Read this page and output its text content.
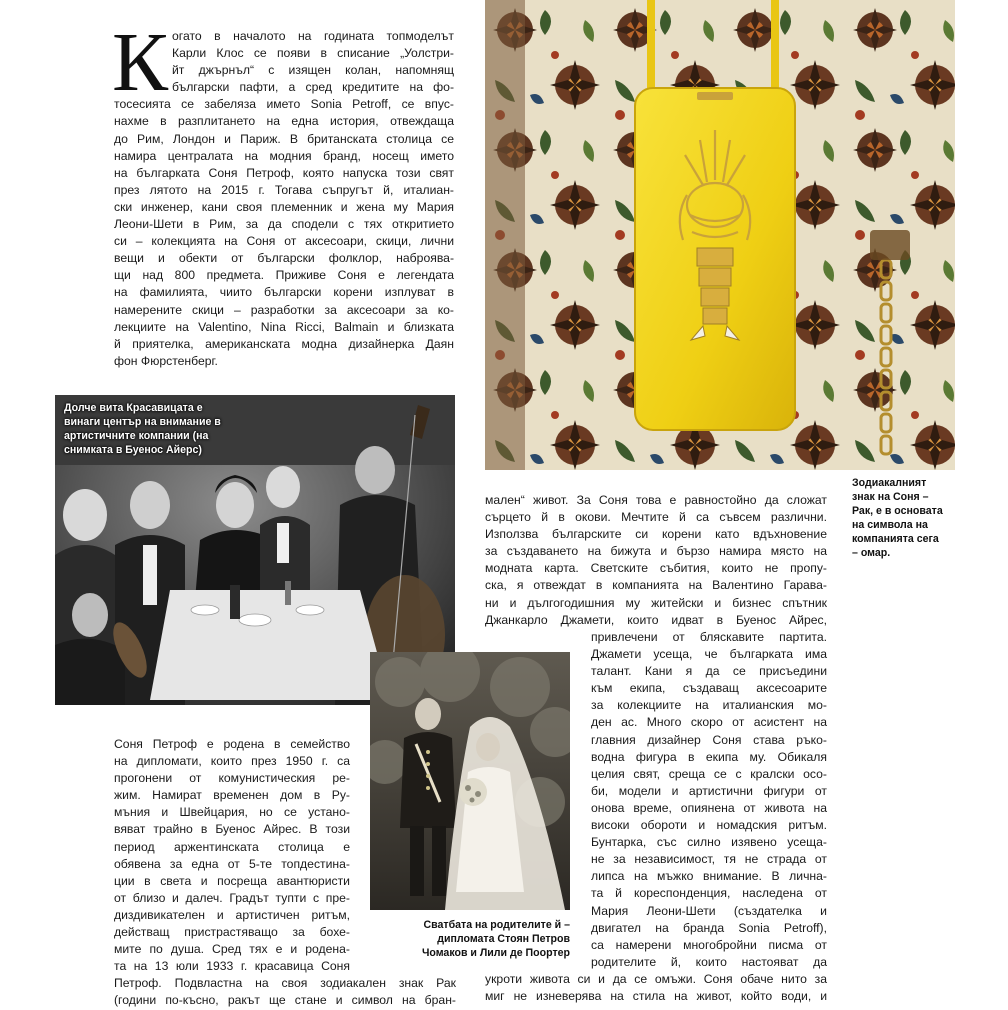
К огато в началото на годината топмоделът
Карли Клос се появи в списание „Уолстри-
йт джърнъл“ с изящен колан, напомнящ
български пафти, а сред кредитите на фо-
тосесията се забеляза името Sonia Petroff, се впус-
нахме в разплитането на една история, отвеждаща
до Рим, Лондон и Париж. В британската столица се
намира централата на модния бранд, носещ името
на българката Соня Петроф, която напуска този свят
през лятото на 2015 г. Тогава съпругът й, италиан-
ски инженер, кани своя племенник и жена му Мария
Леони-Шети в Рим, за да сподели с тях откритието
си – колекцията на Соня от аксесоари, скици, лични
вещи и обекти от български фолклор, наброява-
щи над 800 предмета. Приживе Соня е легендата
на фамилията, чиито български корени изплуват в
намерените скици – разработки за аксесоари за ко-
лекциите на Valentino, Nina Ricci, Balmain и близката
й приятелка, американската модна дизайнерка Даян
фон Фюрстенберг.
Зодиакалният
знак на Соня –
Рак, е в основата
на символа на
компанията сега
– омар.
Долче вита Красавицата е
винаги център на внимание в
артистичните компании (на
снимката в Буенос Айерс)
Сватбата на родителите й –
дипломата Стоян Петров
Чомаков и Лили де Поортер
Соня Петроф е родена в семейство
на дипломати, които през 1950 г. са
прогонени от комунистическия ре-
жим. Намират временен дом в Ру-
мъния и Швейцария, но се устано-
вяват трайно в Буенос Айрес. В този
период аржентинската столица е
обявена за една от 5-те топдестина-
ции в света и посреща авантюристи
от близо и далеч. Градът тупти с пре-
диздивикателен и артистичен ритъм,
действащ пристрастяващо за бохе-
мите по душа. Сред тях е и родена-
та на 13 юли 1933 г. красавица Соня
Петроф. Подвластна на своя зодиакален знак Рак
(години по-късно, ракът ще стане и символ на бран-
мален“ живот. За Соня това е равностойно да сложат
сърцето й в окови. Мечтите й са съвсем различни.
Използва българските си корени като вдъхновение
за създаването на бижута и бързо намира място на
модната карта. Светските събития, които не пропу-
ска, я отвеждат в компанията на Валентино Гарава-
ни и дългогодишния му житейски и бизнес спътник
Джанкарло Джамети, които идват в Буенос Айрес,
привлечени от бляскавите партита.
Джамети усеща, че българката има
талант. Кани я да се присъедини
към екипа, създаващ аксесоарите
за колекциите на италианския мо-
ден ас. Много скоро от асистент на
главния дизайнер Соня става ръко-
водна фигура в екипа му. Обикаля
целия свят, среща се с кралски осо-
би, модели и артистични фигури от
онова време, опиянена от живота на
високи обороти и номадския ритъм.
Бунтарка, със силно изявено усеща-
не за независимост, тя не страда от
липса на мъжко внимание. В личнa-
та й кореспонденция, наследена от
Мария Леони-Шети (създателка и
двигател на бранда Sonia Petroff),
са намерени многобройни писма от
родителите й, които настояват да
укроти живота си и да се омъжи. Соня обаче нито за
миг не изневерява на стила на живот, който води, и
